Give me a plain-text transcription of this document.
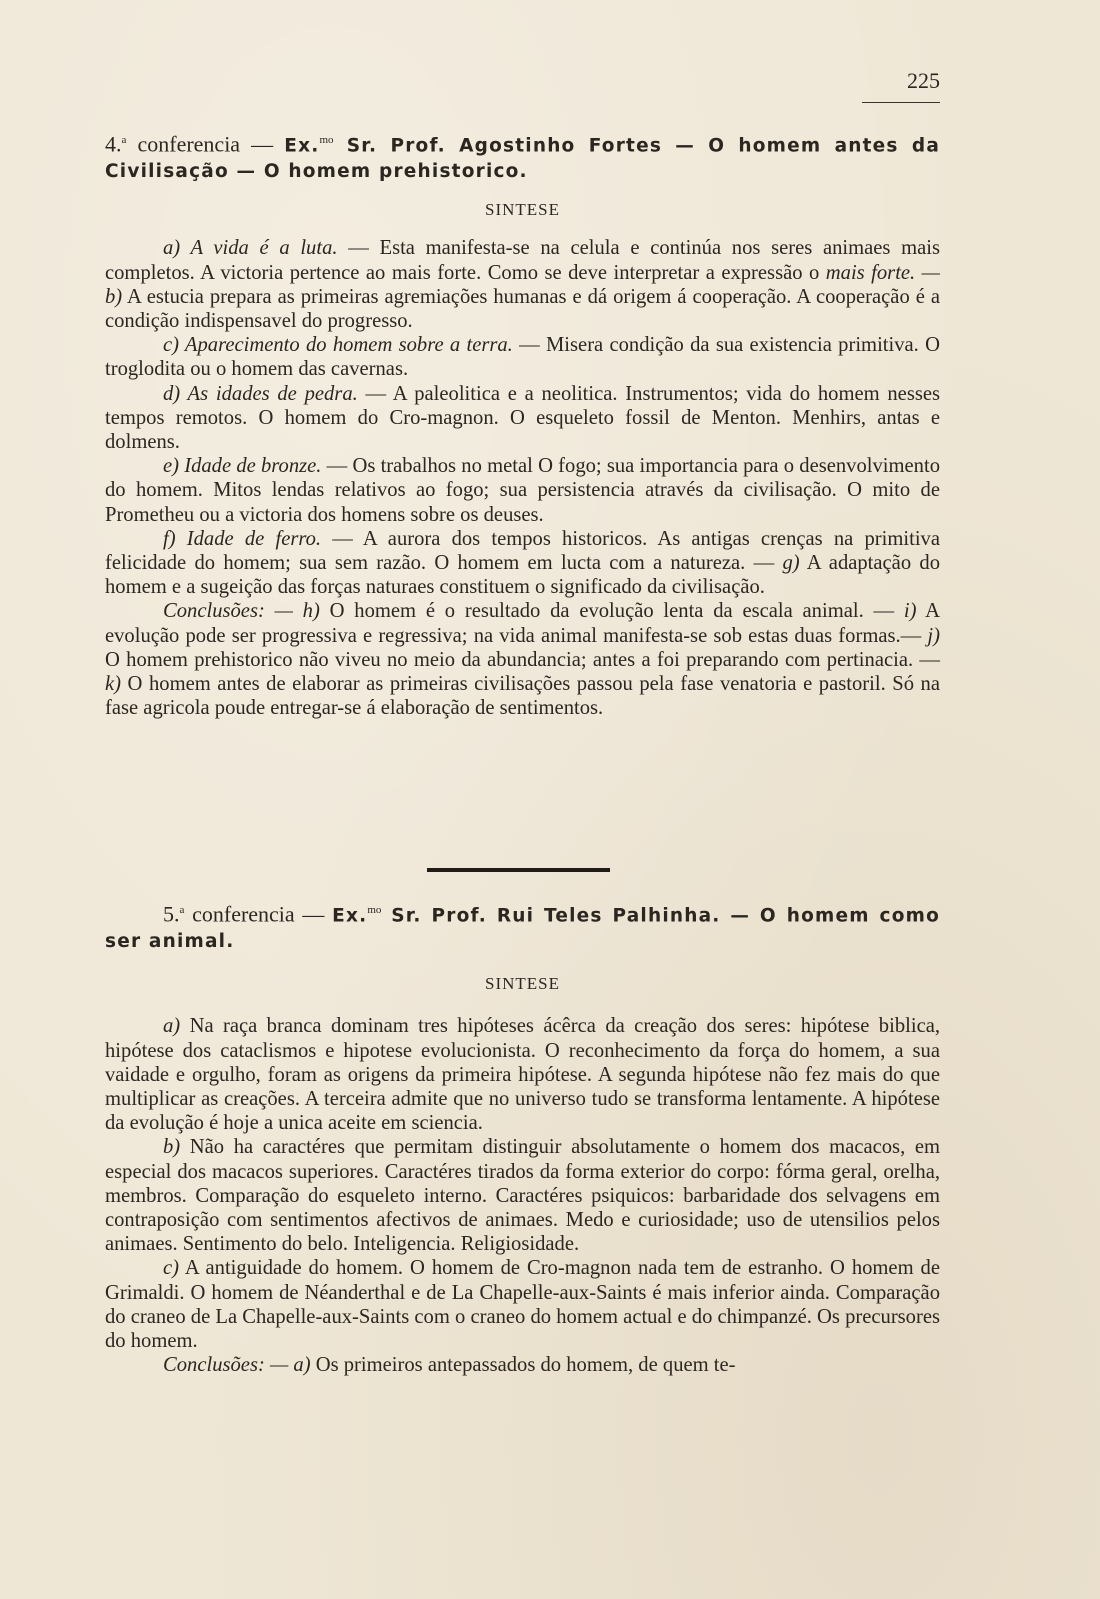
225
4.$^a$ conferencia — Ex.$^{mo}$ Sr. Prof. Agostinho Fortes — O homem antes da Civilisação — O homem prehistorico.
SINTESE

a) A vida é a luta. — Esta manifesta-se na celula e continúa nos seres animaes mais completos. A victoria pertence ao mais forte. Como se deve interpretar a expressão o mais forte. — b) A estucia prepara as primeiras agremiações humanas e dá origem á cooperação. A cooperação é a condição indispensavel do progresso.

c) Aparecimento do homem sobre a terra. — Misera condição da sua existencia primitiva. O troglodita ou o homem das cavernas.

d) As idades de pedra. — A paleolitica e a neolitica. Instrumentos; vida do homem nesses tempos remotos. O homem do Cro-magnon. O esqueleto fossil de Menton. Menhirs, antas e dolmens.

e) Idade de bronze. — Os trabalhos no metal O fogo; sua importancia para o desenvolvimento do homem. Mitos lendas relativos ao fogo; sua persistencia através da civilisação. O mito de Prometheu ou a victoria dos homens sobre os deuses.

f) Idade de ferro. — A aurora dos tempos historicos. As antigas crenças na primitiva felicidade do homem; sua sem razão. O homem em lucta com a natureza. — g) A adaptação do homem e a sugeição das forças naturaes constituem o significado da civilisação.

Conclusões: — h) O homem é o resultado da evolução lenta da escala animal. — i) A evolução pode ser progressiva e regressiva; na vida animal manifesta-se sob estas duas formas.— j) O homem prehistorico não viveu no meio da abundancia; antes a foi preparando com pertinacia. — k) O homem antes de elaborar as primeiras civilisações passou pela fase venatoria e pastoril. Só na fase agricola poude entregar-se á elaboração de sentimentos.

5.$^a$ conferencia — Ex.$^{mo}$ Sr. Prof. Rui Teles Palhinha. — O homem como ser animal.
SINTESE

a) Na raça branca dominam tres hipóteses ácêrca da creação dos seres: hipótese biblica, hipótese dos cataclismos e hipotese evolucionista. O reconhecimento da força do homem, a sua vaidade e orgulho, foram as origens da primeira hipótese. A segunda hipótese não fez mais do que multiplicar as creações. A terceira admite que no universo tudo se transforma lentamente. A hipótese da evolução é hoje a unica aceite em sciencia.

b) Não ha caractéres que permitam distinguir absolutamente o homem dos macacos, em especial dos macacos superiores. Caractéres tirados da forma exterior do corpo: fórma geral, orelha, membros. Comparação do esqueleto interno. Caractéres psiquicos: barbaridade dos selvagens em contraposição com sentimentos afectivos de animaes. Medo e curiosidade; uso de utensilios pelos animaes. Sentimento do belo. Inteligencia. Religiosidade.

c) A antiguidade do homem. O homem de Cro-magnon nada tem de estranho. O homem de Grimaldi. O homem de Néanderthal e de La Chapelle-aux-Saints é mais inferior ainda. Comparação do craneo de La Chapelle-aux-Saints com o craneo do homem actual e do chimpanzé. Os precursores do homem.

Conclusões: — a) Os primeiros antepassados do homem, de quem te-
